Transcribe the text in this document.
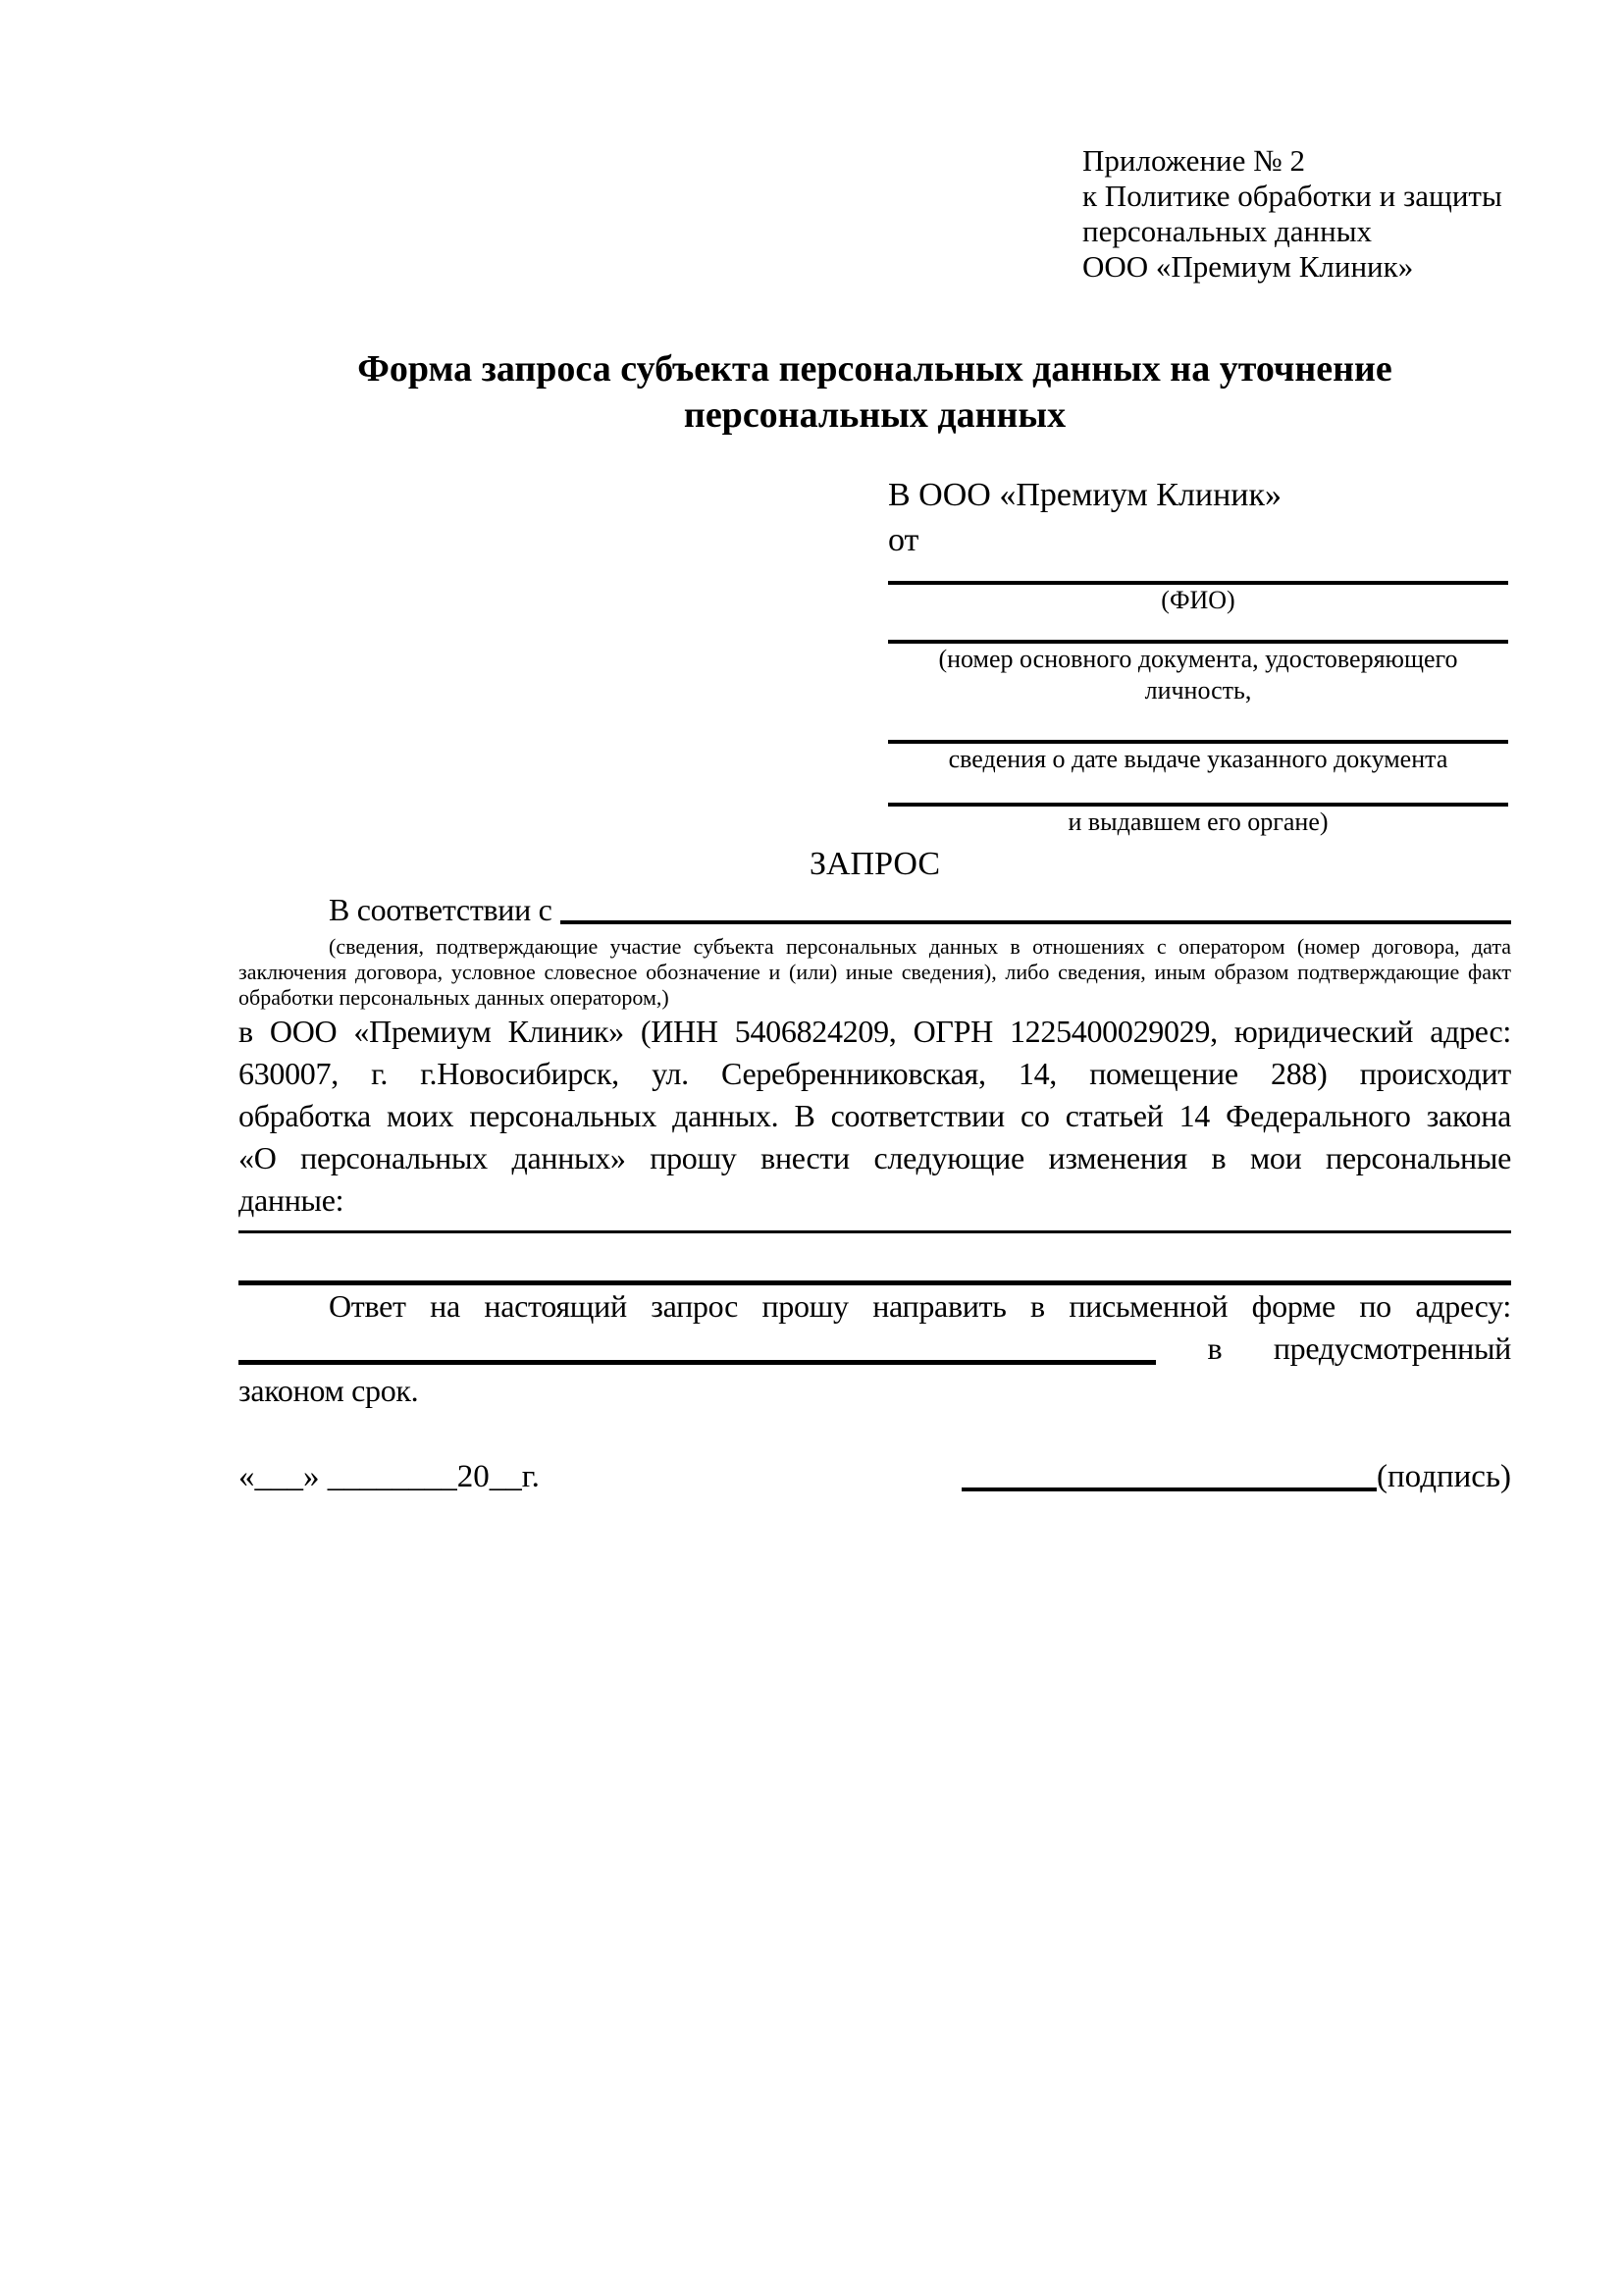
Приложение № 2
к Политике обработки и защиты
персональных данных
ООО «Премиум Клиник»
Форма запроса субъекта персональных данных на уточнение
персональных данных
В ООО «Премиум Клиник»
от
(ФИО)
(номер основного документа, удостоверяющего личность,
сведения о дате выдаче указанного документа
и выдавшем его органе)
ЗАПРОС
В соответствии с
(сведения, подтверждающие участие субъекта персональных данных в отношениях с оператором (номер договора, дата
заключения договора, условное словесное обозначение и (или) иные сведения), либо сведения, иным образом подтверждающие факт
обработки персональных данных оператором,)
в ООО «Премиум Клиник» (ИНН 5406824209, ОГРН 1225400029029, юридический адрес:
630007, г. г.Новосибирск, ул. Серебренниковская, 14, помещение 288) происходит
обработка моих персональных данных. В соответствии со статьей 14 Федерального закона
«О персональных данных» прошу внести следующие изменения в мои персональные
данные:
Ответ на настоящий запрос прошу направить в письменной форме по адресу:
в предусмотренный
законом срок.
«___» ________20__г.	(подпись)
